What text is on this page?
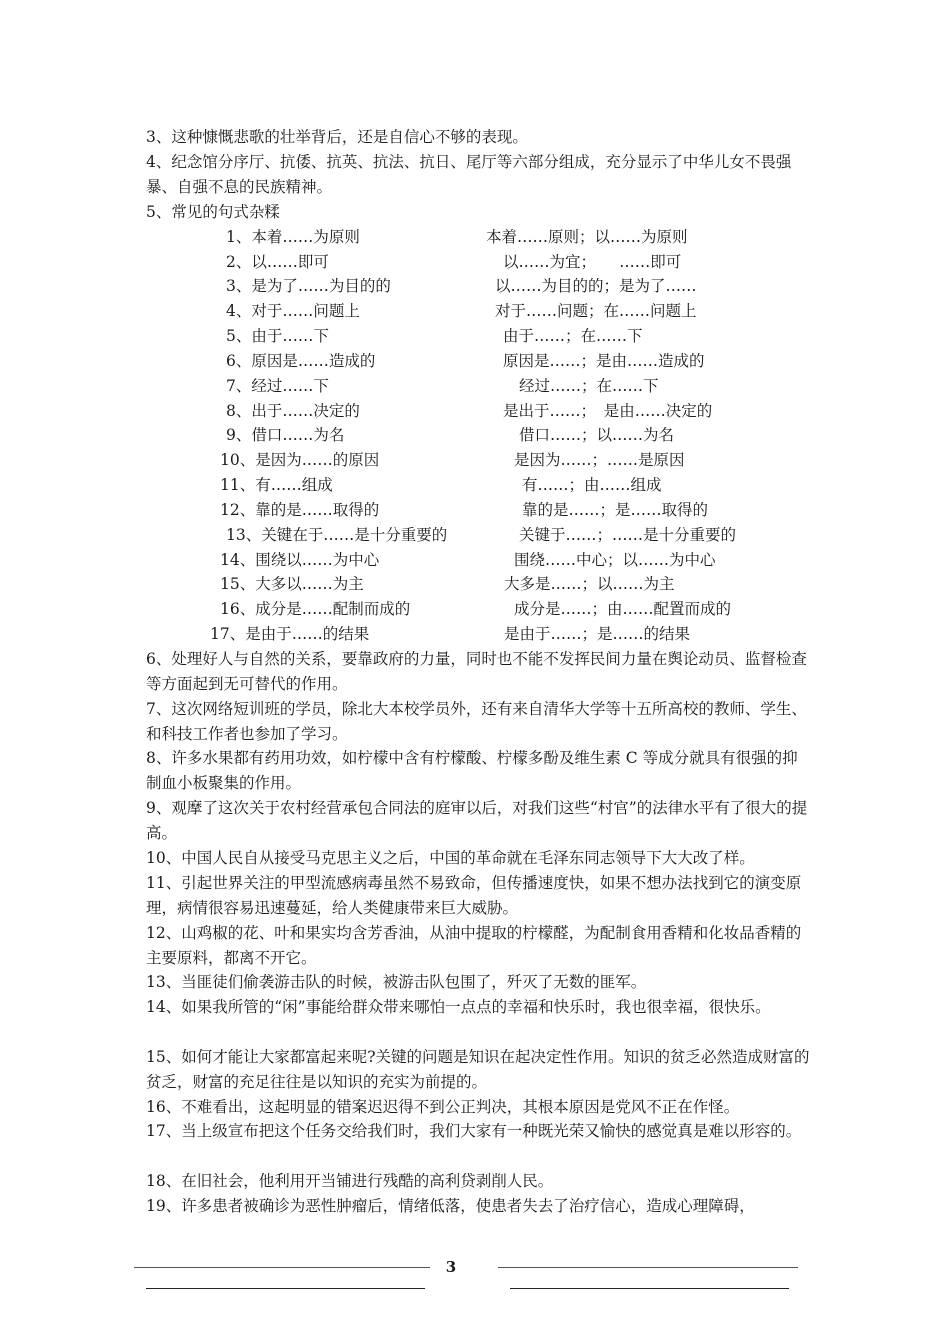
3、这种慷慨悲歌的壮举背后，还是自信心不够的表现。
4、纪念馆分序厅、抗倭、抗英、抗法、抗日、尾厅等六部分组成，充分显示了中华儿女不畏强暴、自强不息的民族精神。
5、常见的句式杂糅
1、本着……为原则	本着……原则；以……为原则
2、以……即可	以……为宜；　　……即可
3、是为了……为目的的	以……为目的的；是为了……
4、对于……问题上	对于……问题；在……问题上
5、由于……下	由于……；在……下
6、原因是……造成的	原因是……；是由……造成的
7、经过……下	经过……；在……下
8、出于……决定的	是出于……；　是由……决定的
9、借口……为名	借口……；以……为名
10、是因为……的原因	是因为……；……是原因
11、有……组成	有……；由……组成
12、靠的是……取得的	靠的是……；是……取得的
13、关键在于……是十分重要的	关键于……；……是十分重要的
14、围绕以……为中心	围绕……中心；以……为中心
15、大多以……为主	大多是……；以……为主
16、成分是……配制而成的	成分是……；由……配置而成的
17、是由于……的结果	是由于……；是……的结果
6、处理好人与自然的关系，要靠政府的力量，同时也不能不发挥民间力量在舆论动员、监督检查等方面起到无可替代的作用。
7、这次网络短训班的学员，除北大本校学员外，还有来自清华大学等十五所高校的教师、学生、和科技工作者也参加了学习。
8、许多水果都有药用功效，如柠檬中含有柠檬酸、柠檬多酚及维生素 C 等成分就具有很强的抑制血小板聚集的作用。
9、观摩了这次关于农村经营承包合同法的庭审以后，对我们这些“村官”的法律水平有了很大的提高。
10、中国人民自从接受马克思主义之后，中国的革命就在毛泽东同志领导下大大改了样。
11、引起世界关注的甲型流感病毒虽然不易致命，但传播速度快，如果不想办法找到它的演变原理，病情很容易迅速蔓延，给人类健康带来巨大威胁。
12、山鸡椒的花、叶和果实均含芳香油，从油中提取的柠檬醛，为配制食用香精和化妆品香精的主要原料，都离不开它。
13、当匪徒们偷袭游击队的时候，被游击队包围了，歼灭了无数的匪军。
14、如果我所管的“闲”事能给群众带来哪怕一点点的幸福和快乐时，我也很幸福，很快乐。
15、如何才能让大家都富起来呢?关键的问题是知识在起决定性作用。知识的贫乏必然造成财富的贫乏，财富的充足往往是以知识的充实为前提的。
16、不难看出，这起明显的错案迟迟得不到公正判决，其根本原因是党风不正在作怪。
17、当上级宣布把这个任务交给我们时，我们大家有一种既光荣又愉快的感觉真是难以形容的。
18、在旧社会，他利用开当铺进行残酷的高利贷剥削人民。
19、许多患者被确诊为恶性肿瘤后，情绪低落，使患者失去了治疗信心，造成心理障碍，
3
